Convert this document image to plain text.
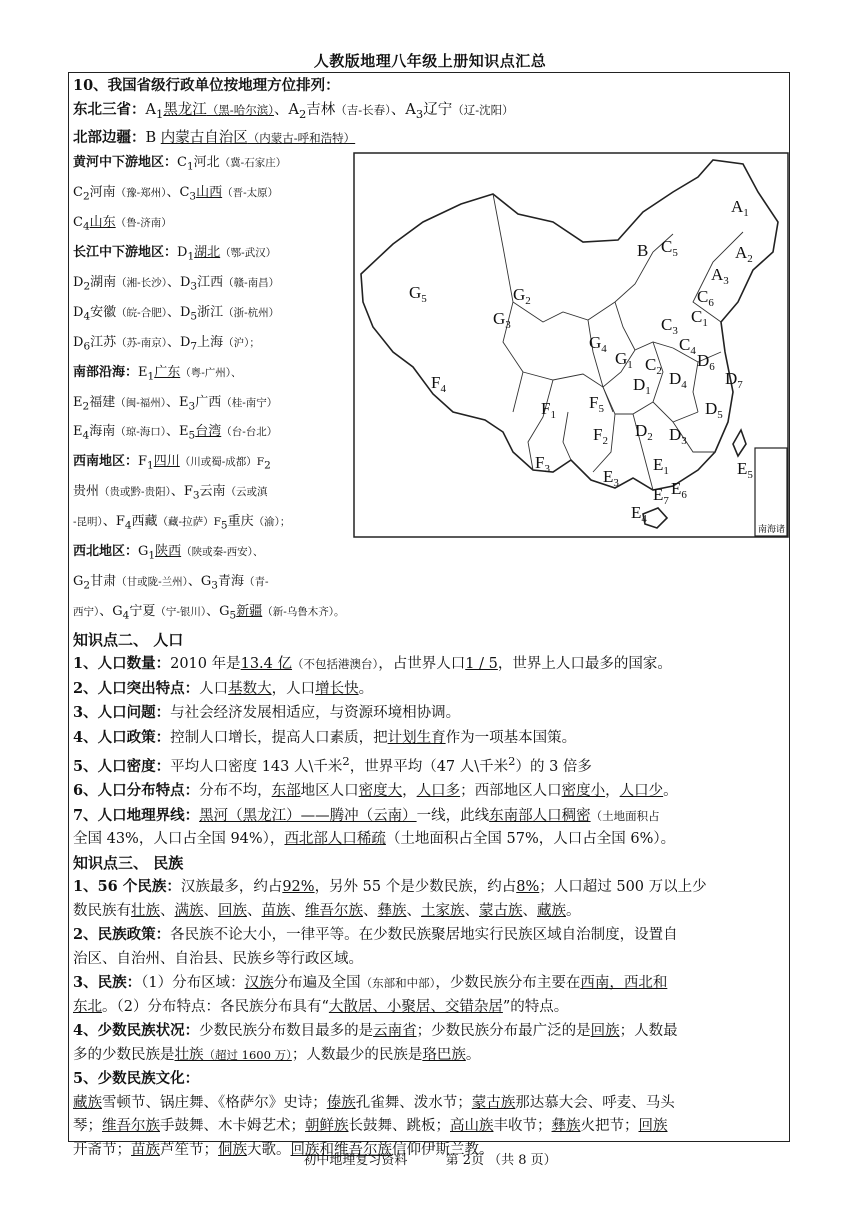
人教版地理八年级上册知识点汇总
10、我国省级行政单位按地理方位排列：
东北三省：$A_1$黑龙江（黑-哈尔滨）、$A_2$吉林（吉-长春）、$A_3$辽宁（辽-沈阳）
北部边疆：B 内蒙古自治区（内蒙古-呼和浩特）
黄河中下游地区：$C_1$河北（冀-石家庄）
$C_2$河南（豫-郑州）、$C_3$山西（晋-太原）
$C_4$山东（鲁-济南）
长江中下游地区：$D_1$湖北（鄂-武汉）
$D_2$湖南（湘-长沙）、$D_3$江西（赣-南昌）
$D_4$安徽（皖-合肥）、$D_5$浙江（浙-杭州）
$D_6$江苏（苏-南京）、$D_7$上海（沪）；
南部沿海：$E_1$广东（粤-广州）、
$E_2$福建（闽-福州）、$E_3$广西（桂-南宁）
$E_4$海南（琼-海口）、$E_5$台湾（台-台北）
西南地区：$F_1$四川（川或蜀-成都）$F_2$
贵州（贵或黔-贵阳）、$F_3$云南（云或滇
-昆明）、$F_4$西藏（藏-拉萨）$F_5$重庆（渝）；
西北地区：$G_1$陕西（陕或秦-西安）、
$G_2$甘肃（甘或陇-兰州）、$G_3$青海（青-
西宁）、$G_4$宁夏（宁-银川）、$G_5$新疆（新-乌鲁木齐）。
知识点二、 人口
1、人口数量：2010 年是13.4 亿（不包括港澳台），占世界人口1 / 5，世界上人口最多的国家。
2、人口突出特点：人口基数大，人口增长快。
3、人口问题：与社会经济发展相适应，与资源环境相协调。
4、人口政策：控制人口增长，提高人口素质，把计划生育作为一项基本国策。
5、人口密度：平均人口密度 143 人\千米$^2$，世界平均（47 人\千米$^2$）的 3 倍多
6、人口分布特点：分布不均，东部地区人口密度大，人口多；西部地区人口密度小，人口少。
7、人口地理界线：黑河（黑龙江）——腾冲（云南）一线，此线东南部人口稠密（土地面积占
全国 43%，人口占全国 94%），西北部人口稀疏（土地面积占全国 57%，人口占全国 6%）。
知识点三、 民族
1、56 个民族：汉族最多，约占92%，另外 55 个是少数民族，约占8%；人口超过 500 万以上少
数民族有壮族、满族、回族、苗族、维吾尔族、彝族、土家族、蒙古族、藏族。
2、民族政策：各民族不论大小，一律平等。在少数民族聚居地实行民族区域自治制度，设置自
治区、自治州、自治县、民族乡等行政区域。
3、民族：（1）分布区域：汉族分布遍及全国（东部和中部），少数民族分布主要在西南，西北和
东北。（2）分布特点：各民族分布具有“大散居、小聚居、交错杂居”的特点。
4、少数民族状况：少数民族分布数目最多的是云南省；少数民族分布最广泛的是回族；人数最
多的少数民族是壮族（超过 1600 万）；人数最少的民族是珞巴族。
5、少数民族文化：
藏族雪顿节、锅庄舞、《格萨尔》史诗；傣族孔雀舞、泼水节；蒙古族那达慕大会、呼麦、马头
琴；维吾尔族手鼓舞、木卡姆艺术；朝鲜族长鼓舞、跳板；高山族丰收节；彝族火把节；回族
开斋节；苗族芦笙节；侗族大歌。回族和维吾尔族信仰伊斯兰教。
南海诸
$A_1$
$A_2$
$A_3$
B
$C_1$
$C_2$
$C_3$
$C_4$
$C_5$
$C_6$
$D_1$
$D_2$ $D_3$
$D_4$
$D_5$
$D_6$
$D_7$
$E_1$
$E_3$
$E_4$
$E_5$
$E_6$
$E_7$
$F_1$
$F_2$
$F_3$
$F_4$
$F_5$
$G_1$
$G_2$
$G_3$
$G_4$
$G_5$
初中地理复习资料	第 2页 （共 8 页）
